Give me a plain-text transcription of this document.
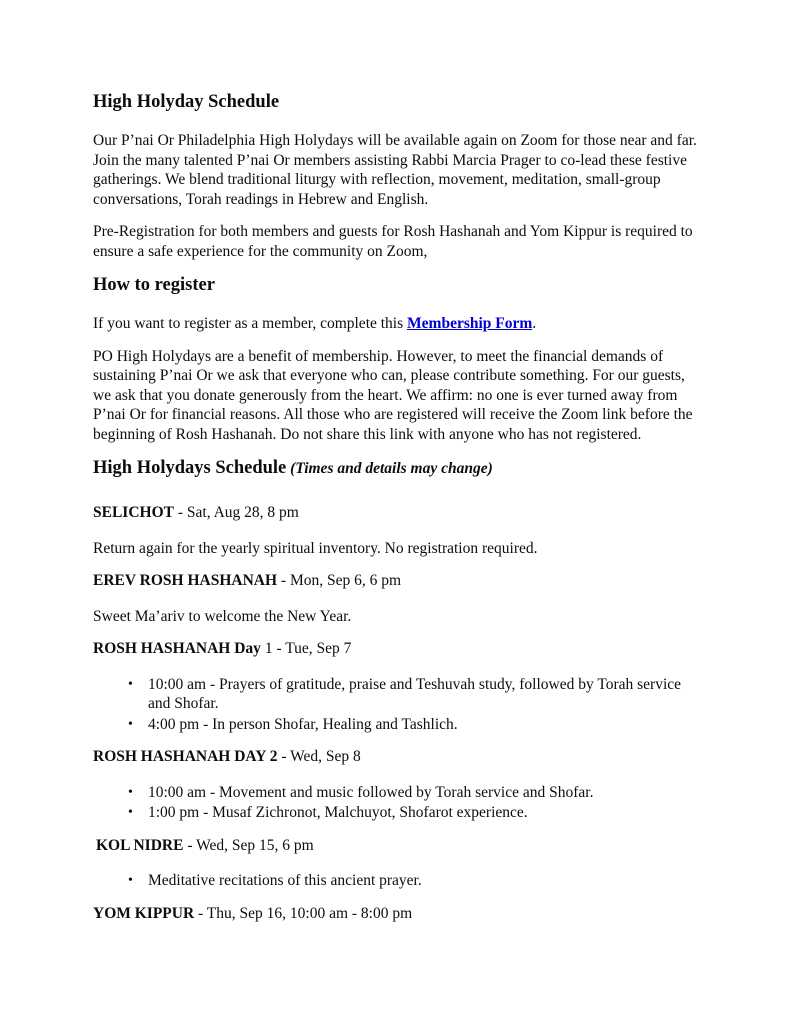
High Holyday Schedule

Our P’nai Or Philadelphia High Holydays will be available again on Zoom for those near and far. Join the many talented P’nai Or members assisting Rabbi Marcia Prager to co-lead these festive gatherings. We blend traditional liturgy with reflection, movement, meditation, small-group conversations, Torah readings in Hebrew and English.

Pre-Registration for both members and guests for Rosh Hashanah and Yom Kippur is required to ensure a safe experience for the community on Zoom,

How to register

If you want to register as a member, complete this Membership Form.

PO High Holydays are a benefit of membership. However, to meet the financial demands of sustaining P’nai Or we ask that everyone who can, please contribute something. For our guests, we ask that you donate generously from the heart. We affirm: no one is ever turned away from P’nai Or for financial reasons. All those who are registered will receive the Zoom link before the beginning of Rosh Hashanah. Do not share this link with anyone who has not registered.

High Holydays Schedule (Times and details may change)

SELICHOT - Sat, Aug 28, 8 pm

Return again for the yearly spiritual inventory. No registration required.

EREV ROSH HASHANAH - Mon, Sep 6, 6 pm

Sweet Ma’ariv to welcome the New Year.

ROSH HASHANAH Day 1 - Tue, Sep 7

• 10:00 am - Prayers of gratitude, praise and Teshuvah study, followed by Torah service and Shofar.
• 4:00 pm - In person Shofar, Healing and Tashlich.

ROSH HASHANAH DAY 2 - Wed, Sep 8

• 10:00 am - Movement and music followed by Torah service and Shofar.
• 1:00 pm - Musaf Zichronot, Malchuyot, Shofarot experience.

KOL NIDRE - Wed, Sep 15, 6 pm

• Meditative recitations of this ancient prayer.

YOM KIPPUR - Thu, Sep 16, 10:00 am - 8:00 pm
